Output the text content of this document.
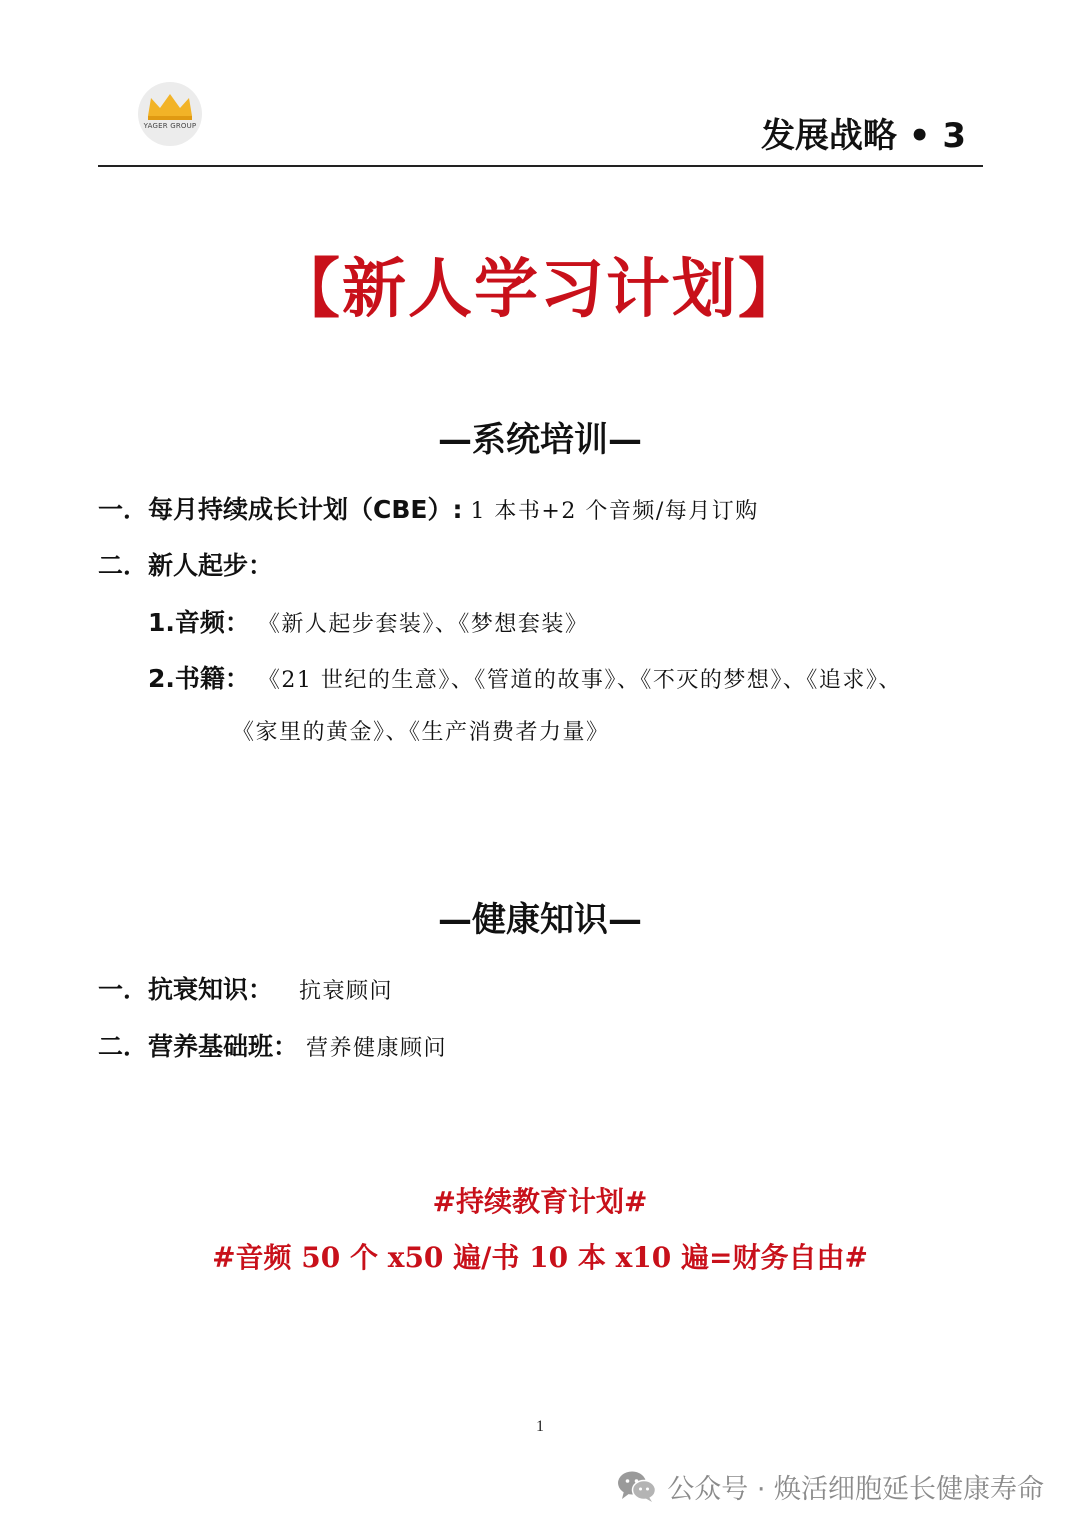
YAGER GROUP	发展战略 • 3
【新人学习计划】
—系统培训—
一．每月持续成长计划（CBE）: 1 本书+2 个音频/每月订购
二．新人起步：
1.音频： 《新人起步套装》、《梦想套装》
2.书籍： 《21 世纪的生意》、《管道的故事》、《不灭的梦想》、《追求》、
《家里的黄金》、《生产消费者力量》
—健康知识—
一．抗衰知识： 抗衰顾问
二．营养基础班： 营养健康顾问
#持续教育计划#
#音频 50 个 x50 遍/书 10 本 x10 遍=财务自由#
1
公众号 · 焕活细胞延长健康寿命
